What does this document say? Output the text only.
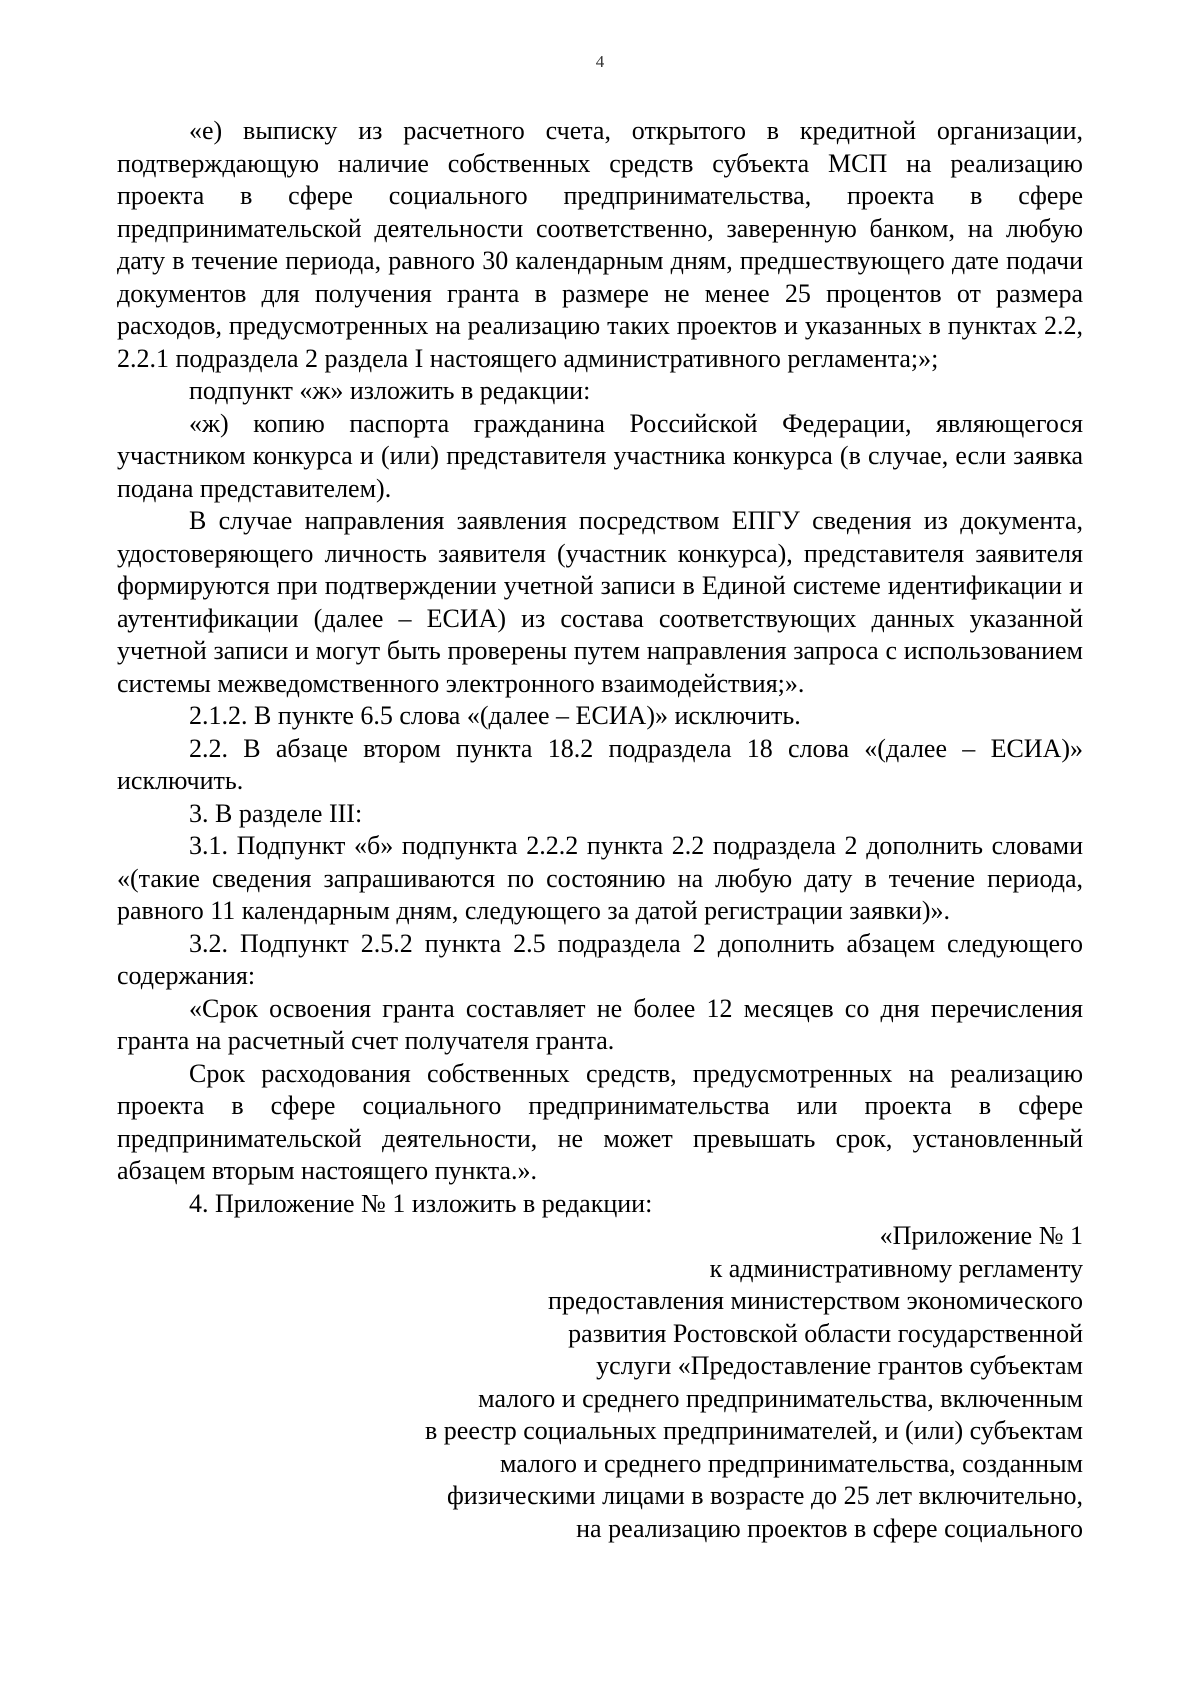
4

«е) выписку из расчетного счета, открытого в кредитной организации, подтверждающую наличие собственных средств субъекта МСП на реализацию проекта в сфере социального предпринимательства, проекта в сфере предпринимательской деятельности соответственно, заверенную банком, на любую дату в течение периода, равного 30 календарным дням, предшествующего дате подачи документов для получения гранта в размере не менее 25 процентов от размера расходов, предусмотренных на реализацию таких проектов и указанных в пунктах 2.2, 2.2.1 подраздела 2 раздела I настоящего административного регламента;»;

подпункт «ж» изложить в редакции:

«ж) копию паспорта гражданина Российской Федерации, являющегося участником конкурса и (или) представителя участника конкурса (в случае, если заявка подана представителем).

В случае направления заявления посредством ЕПГУ сведения из документа, удостоверяющего личность заявителя (участник конкурса), представителя заявителя формируются при подтверждении учетной записи в Единой системе идентификации и аутентификации (далее – ЕСИА) из состава соответствующих данных указанной учетной записи и могут быть проверены путем направления запроса с использованием системы межведомственного электронного взаимодействия;».

2.1.2. В пункте 6.5 слова «(далее – ЕСИА)» исключить.

2.2. В абзаце втором пункта 18.2 подраздела 18 слова «(далее – ЕСИА)» исключить.

3. В разделе III:

3.1. Подпункт «б» подпункта 2.2.2 пункта 2.2 подраздела 2 дополнить словами «(такие сведения запрашиваются по состоянию на любую дату в течение периода, равного 11 календарным дням, следующего за датой регистрации заявки)».

3.2. Подпункт 2.5.2 пункта 2.5 подраздела 2 дополнить абзацем следующего содержания:

«Срок освоения гранта составляет не более 12 месяцев со дня перечисления гранта на расчетный счет получателя гранта.

Срок расходования собственных средств, предусмотренных на реализацию проекта в сфере социального предпринимательства или проекта в сфере предпринимательской деятельности, не может превышать срок, установленный абзацем вторым настоящего пункта.».

4. Приложение № 1 изложить в редакции:

«Приложение № 1
к административному регламенту
предоставления министерством экономического
развития Ростовской области государственной
услуги «Предоставление грантов субъектам
малого и среднего предпринимательства, включенным
в реестр социальных предпринимателей, и (или) субъектам
малого и среднего предпринимательства, созданным
физическими лицами в возрасте до 25 лет включительно,
на реализацию проектов в сфере социального
